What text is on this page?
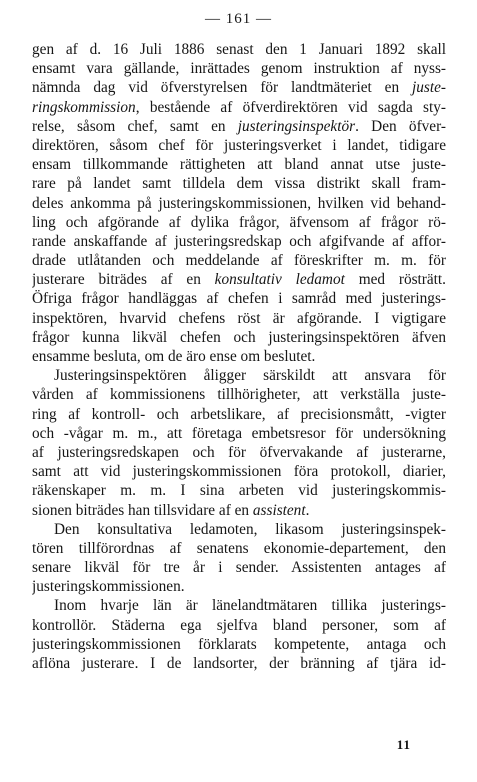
— 161 —
gen af d. 16 Juli 1886 senast den 1 Januari 1892 skall
ensamt vara gällande, inrättades genom instruktion af nyss-
nämnda dag vid öfverstyrelsen för landtmäteriet en juste-
ringskommission, bestående af öfverdirektören vid sagda sty-
relse, såsom chef, samt en justeringsinspektör. Den öfver-
direktören, såsom chef för justeringsverket i landet, tidigare
ensam tillkommande rättigheten att bland annat utse juste-
rare på landet samt tilldela dem vissa distrikt skall fram-
deles ankomma på justeringskommissionen, hvilken vid behand-
ling och afgörande af dylika frågor, äfvensom af frågor rö-
rande anskaffande af justeringsredskap och afgifvande af affor-
drade utlåtanden och meddelande af föreskrifter m. m. för
justerare biträdes af en konsultativ ledamot med rösträtt.
Öfriga frågor handläggas af chefen i samråd med justerings-
inspektören, hvarvid chefens röst är afgörande. I vigtigare
frågor kunna likväl chefen och justeringsinspektören äfven
ensamme besluta, om de äro ense om beslutet.
Justeringsinspektören åligger särskildt att ansvara för
vården af kommissionens tillhörigheter, att verkställa juste-
ring af kontroll- och arbetslikare, af precisionsmått, -vigter
och -vågar m. m., att företaga embetsresor för undersökning
af justeringsredskapen och för öfvervakande af justerarne,
samt att vid justeringskommissionen föra protokoll, diarier,
räkenskaper m. m. I sina arbeten vid justeringskommis-
sionen biträdes han tillsvidare af en assistent.
Den konsultativa ledamoten, likasom justeringsinspek-
tören tillförordnas af senatens ekonomie-departement, den
senare likväl för tre år i sender. Assistenten antages af
justeringskommissionen.
Inom hvarje län är länelandtmätaren tillika justerings-
kontrollör. Städerna ega sjelfva bland personer, som af
justeringskommissionen förklarats kompetente, antaga och
aflöna justerare. I de landsorter, der bränning af tjära id-
11
